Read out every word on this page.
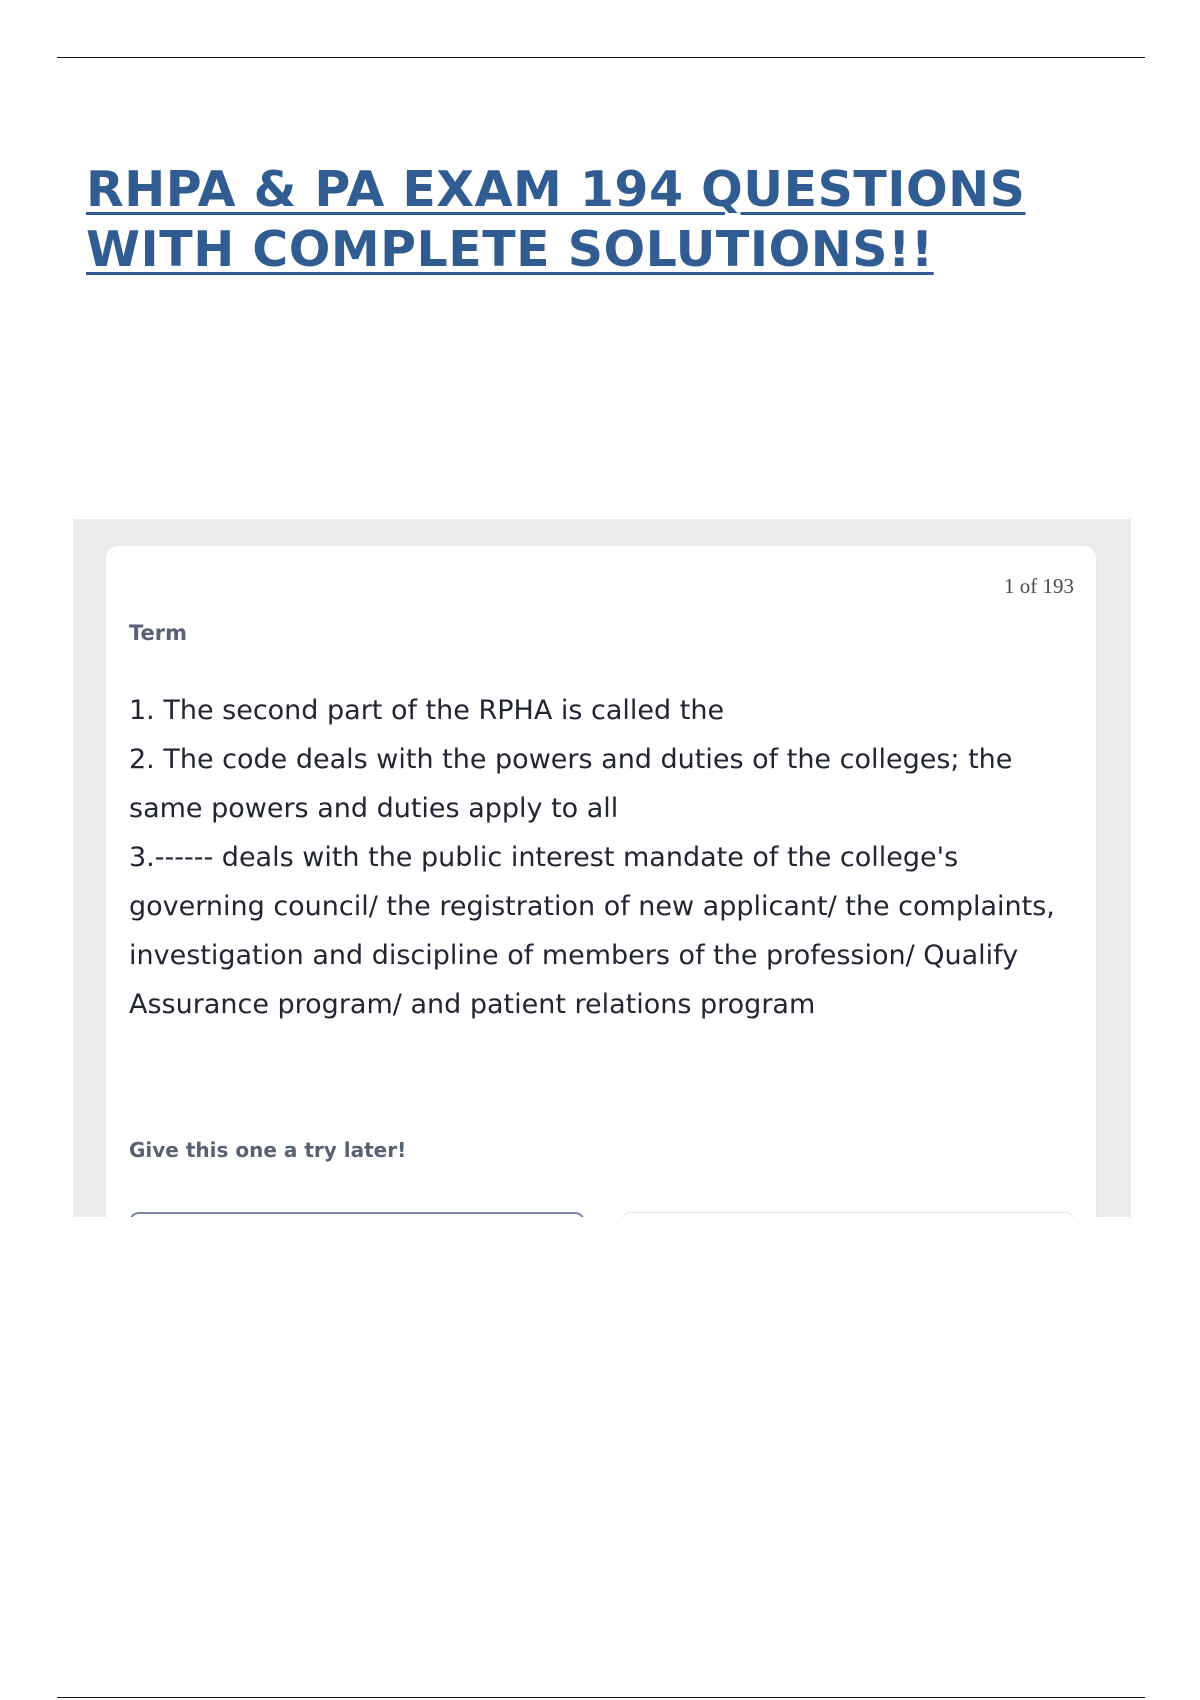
RHPA & PA EXAM 194 QUESTIONS
WITH COMPLETE SOLUTIONS!!
1 of 193
Term
1. The second part of the RPHA is called the
2. The code deals with the powers and duties of the colleges; the
same powers and duties apply to all
3.------ deals with the public interest mandate of the college's
governing council/ the registration of new applicant/ the complaints,
investigation and discipline of members of the profession/ Qualify
Assurance program/ and patient relations program
Give this one a try later!
